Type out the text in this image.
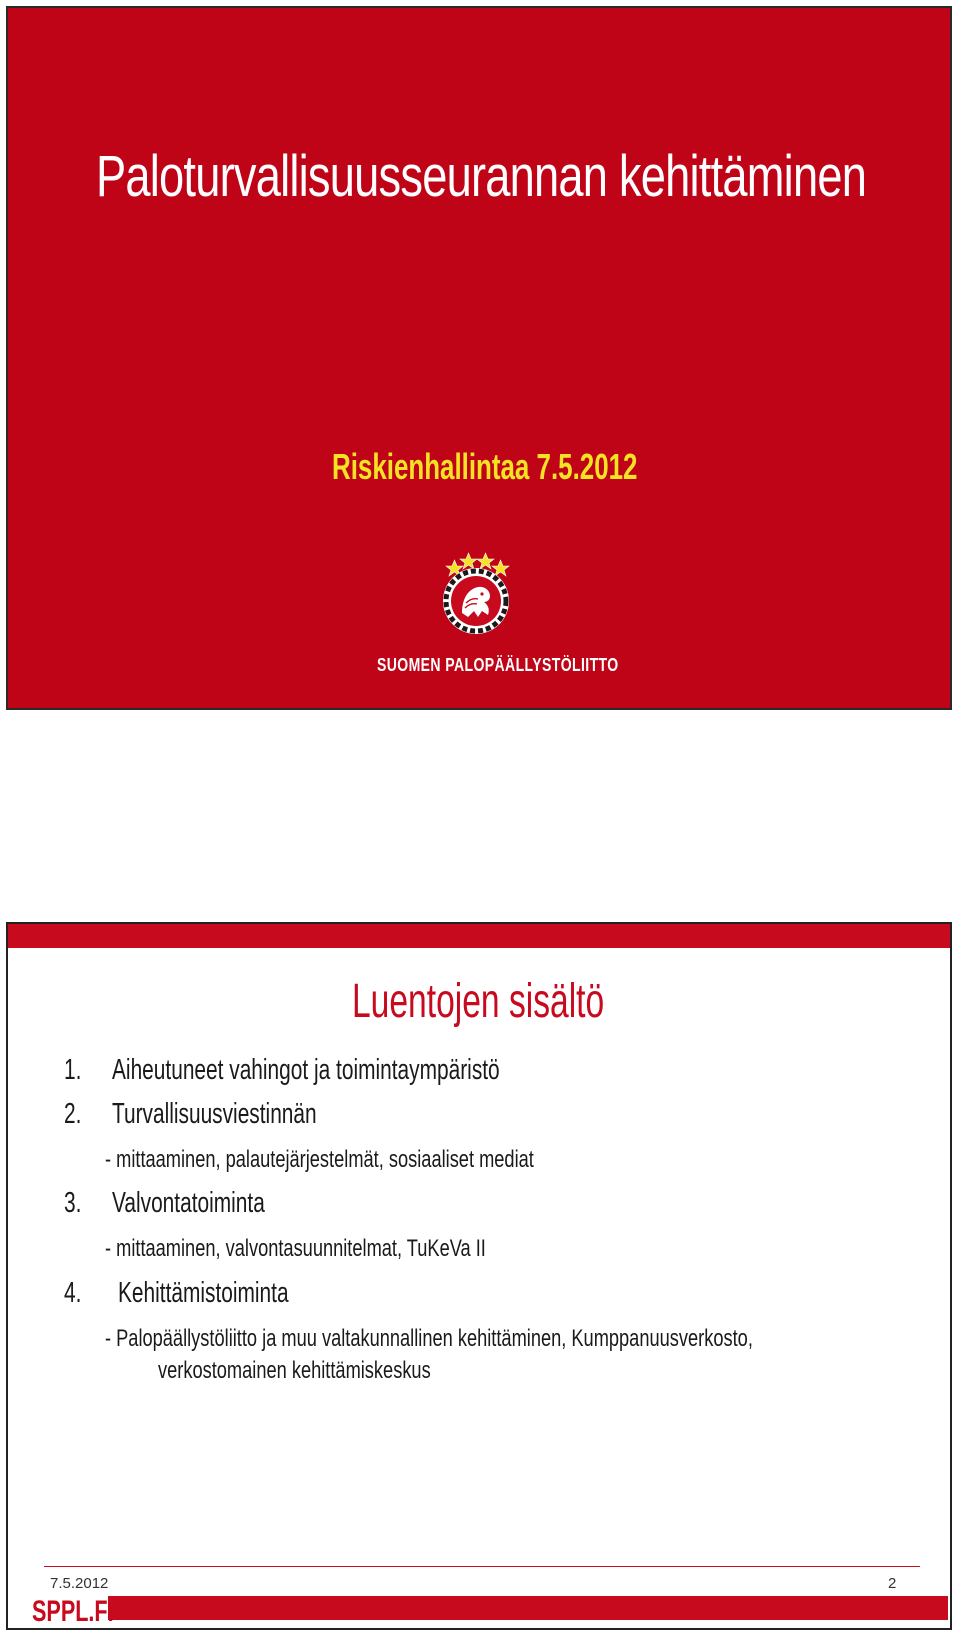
Paloturvallisuusseurannan kehittäminen
Riskienhallintaa 7.5.2012

SUOMEN PALOPÄÄLLYSTÖLIITTO

Luentojen sisältö

1. Aiheutuneet vahingot ja toimintaympäristö

2. Turvallisuusviestinnän

- mittaaminen, palautejärjestelmät, sosiaaliset mediat

3. Valvontatoiminta

- mittaaminen, valvontasuunnitelmat, TuKeVa II

4. Kehittämistoiminta

- Palopäällystöliitto ja muu valtakunnallinen kehittäminen, Kumppanuusverkosto,

verkostomainen kehittämiskeskus

7.5.2012	2

SPPL.FI
